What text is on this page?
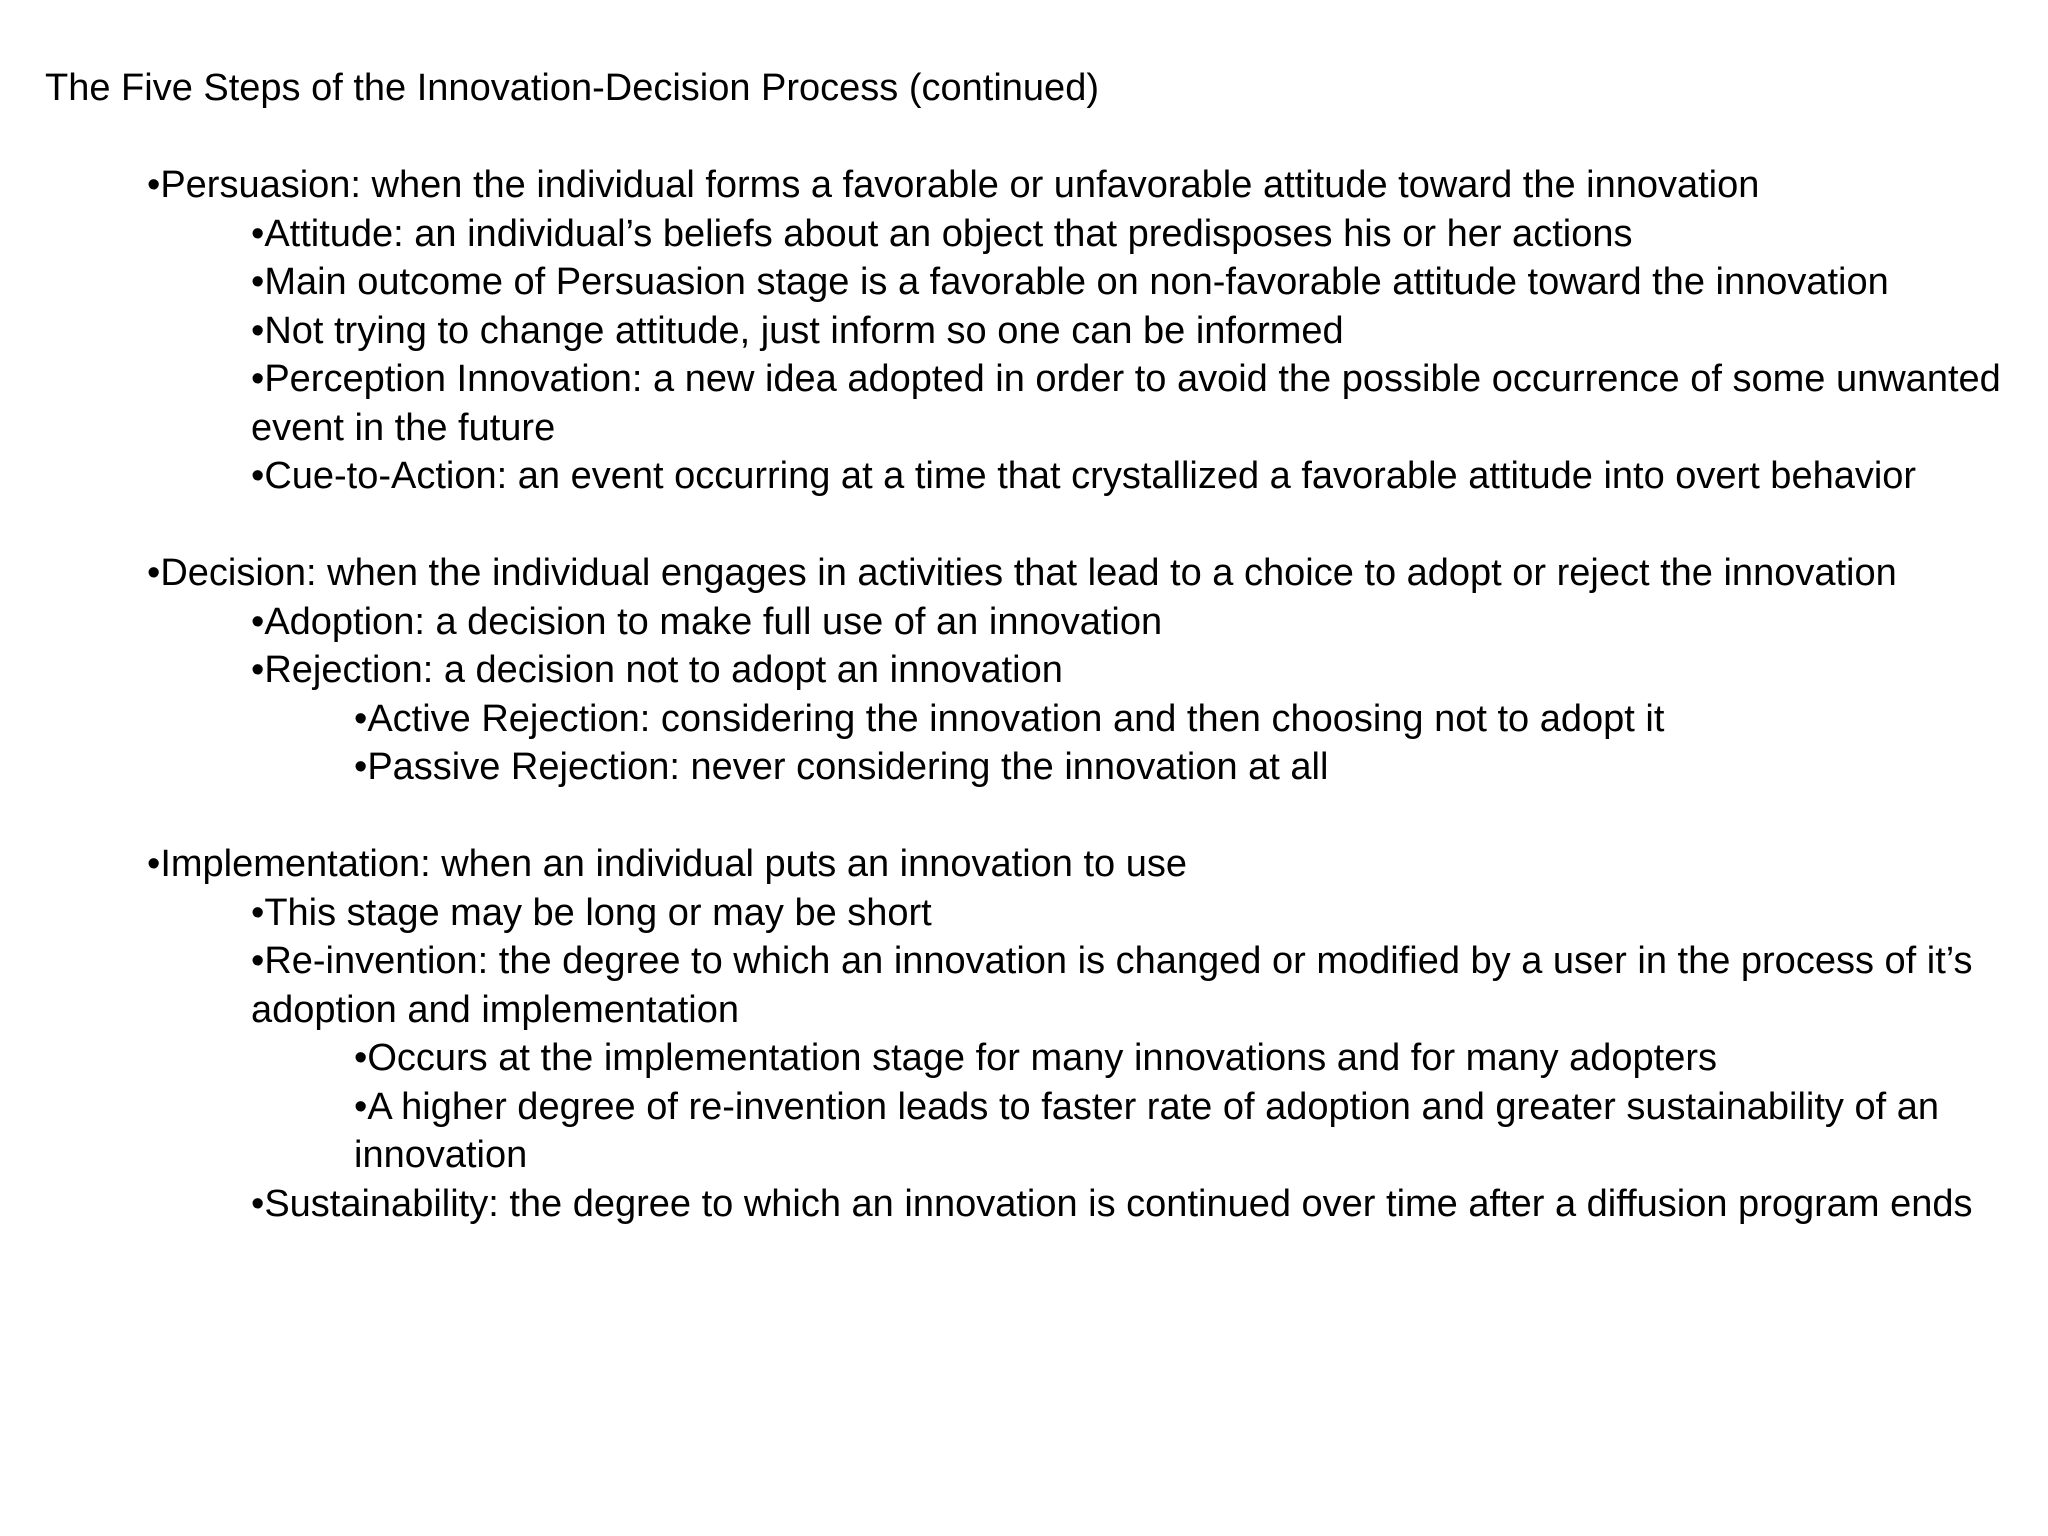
The Five Steps of the Innovation-Decision Process (continued)
•Persuasion: when the individual forms a favorable or unfavorable attitude toward the innovation
•Attitude: an individual’s beliefs about an object that predisposes his or her actions
•Main outcome of Persuasion stage is a favorable on non-favorable attitude toward the innovation
•Not trying to change attitude, just inform so one can be informed
•Perception Innovation: a new idea adopted in order to avoid the possible occurrence of some unwanted event in the future
•Cue-to-Action: an event occurring at a time that crystallized a favorable attitude into overt behavior
•Decision: when the individual engages in activities that lead to a choice to adopt or reject the innovation
•Adoption: a decision to make full use of an innovation
•Rejection: a decision not to adopt an innovation
•Active Rejection: considering the innovation and then choosing not to adopt it
•Passive Rejection: never considering the innovation at all
•Implementation: when an individual puts an innovation to use
•This stage may be long or may be short
•Re-invention: the degree to which an innovation is changed or modified by a user in the process of it’s adoption and implementation
•Occurs at the implementation stage for many innovations and for many adopters
•A higher degree of re-invention leads to faster rate of adoption and greater sustainability of an innovation
•Sustainability: the degree to which an innovation is continued over time after a diffusion program ends
